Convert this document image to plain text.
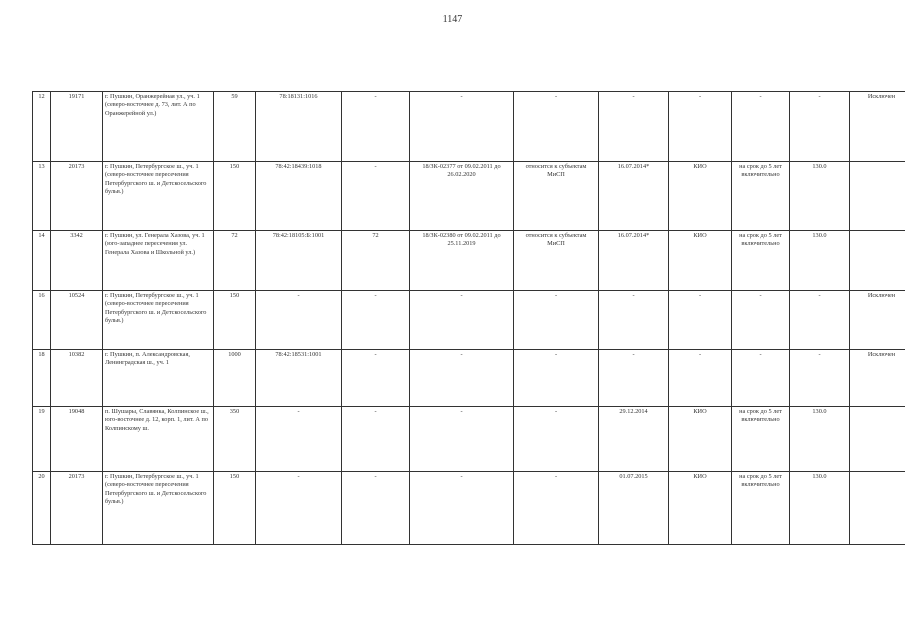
1147
12	19171	г. Пушкин, Оранжерейная ул., уч. 1 (северо-восточнее д. 73, лит. А по Оранжерейной ул.)	59	78:18131:1016	-	-	-	-	-	-	-	Исключен
13	20173	г. Пушкин, Петербургское ш., уч. 1 (северо-восточнее пересечения Петербургского ш. и Детскосельского бульв.)	150	78:42:18439:1018	-	18/ЗК-02377 от 09.02.2011 до 26.02.2020	относится к субъектам МиСП	16.07.2014*	КИО	на срок до 5 лет включительно	130.0	
14	3342	г. Пушкин, ул. Генерала Хазова, уч. 1 (юго-западнее пересечения ул. Генерала Хазова и Школьной ул.)	72	78:42:18105:Б:1001	72	18/ЗК-02380 от 09.02.2011 до 25.11.2019	относится к субъектам МиСП	16.07.2014*	КИО	на срок до 5 лет включительно	130.0	
16	10524	г. Пушкин, Петербургское ш., уч. 1 (северо-восточнее пересечения Петербургского ш. и Детскосельского бульв.)	150	-	-	-	-	-	-	-	-	Исключен
18	10382	г. Пушкин, п. Александровская, Ленинградская ш., уч. 1	1000	78:42:18531:1001	-	-	-	-	-	-	-	Исключен
19	19048	п. Шушары, Славянка, Колпинское ш., юго-восточнее д. 12, корп. 1, лит. А по Колпинскому ш.	350	-	-	-	-	29.12.2014	КИО	на срок до 5 лет включительно	130.0	
20	20173	г. Пушкин, Петербургское ш., уч. 1 (северо-восточнее пересечения Петербургского ш. и Детскосельского бульв.)	150	-	-	-	-	01.07.2015	КИО	на срок до 5 лет включительно	130.0	
